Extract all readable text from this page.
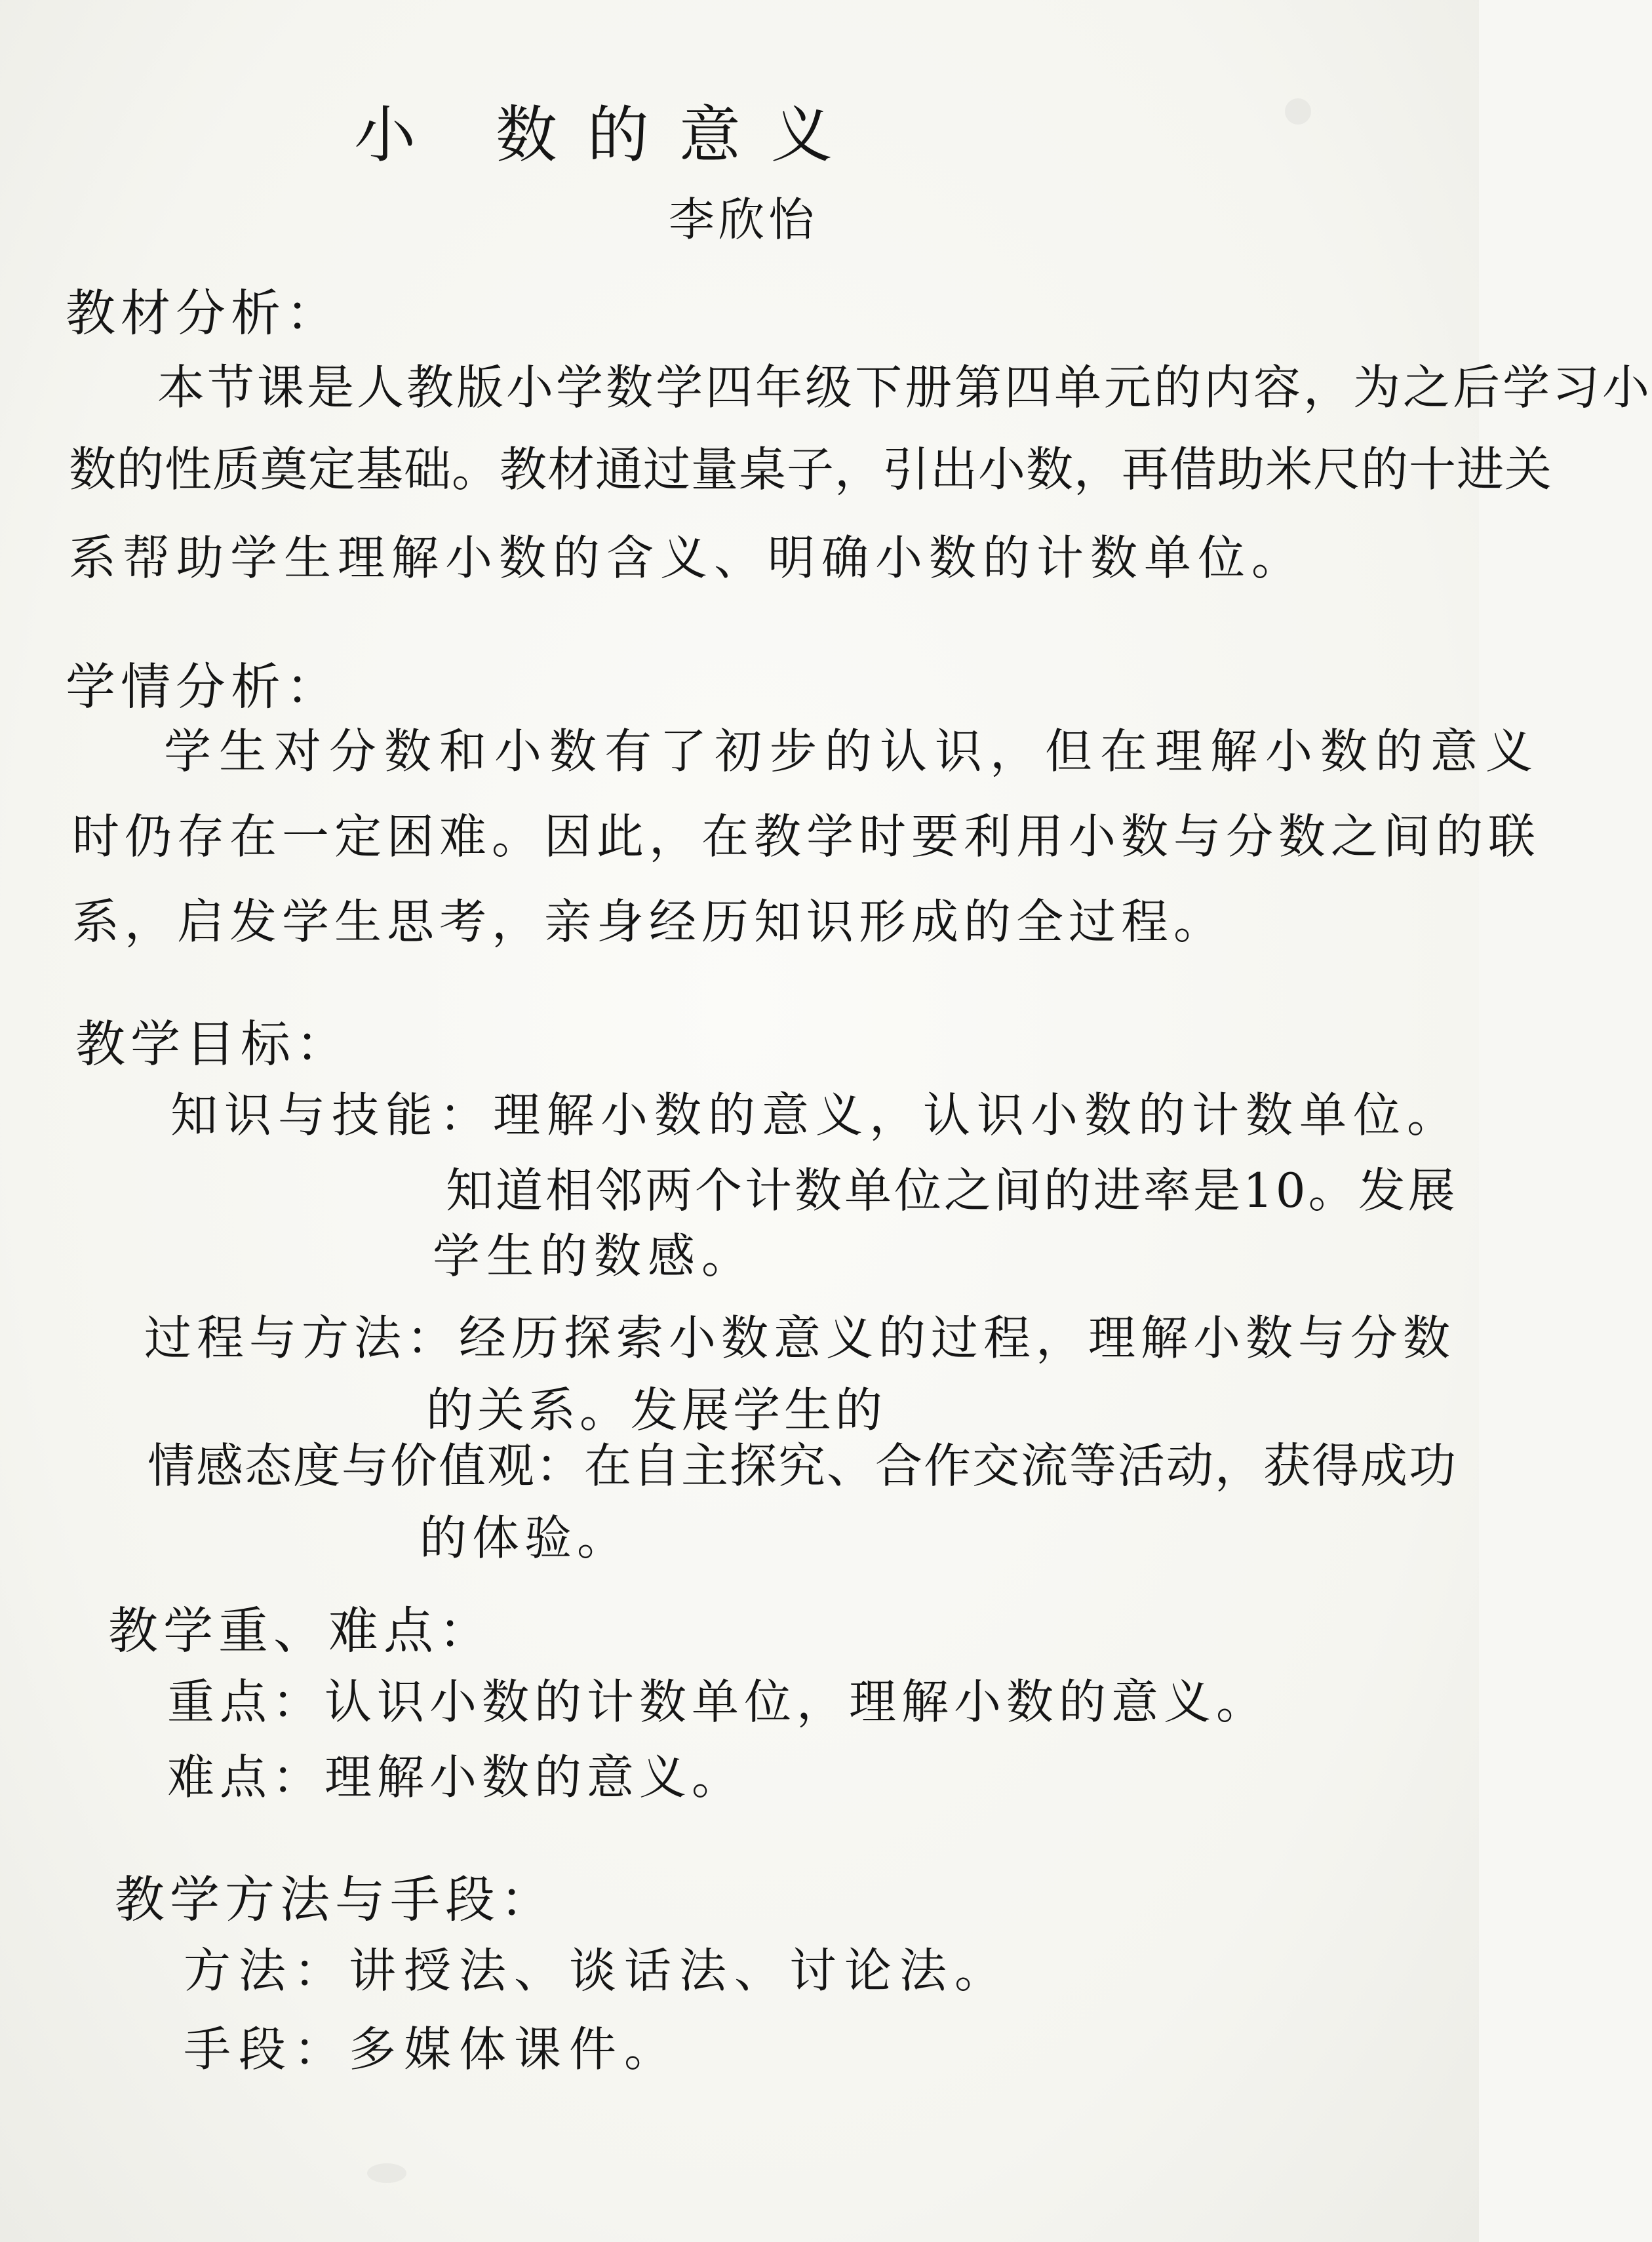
小 数的意义
李欣怡
教材分析：
本节课是人教版小学数学四年级下册第四单元的内容，为之后学习小
数的性质奠定基础。教材通过量桌子，引出小数，再借助米尺的十进关
系帮助学生理解小数的含义、明确小数的计数单位。
学情分析：
学生对分数和小数有了初步的认识，但在理解小数的意义
时仍存在一定困难。因此，在教学时要利用小数与分数之间的联
系，启发学生思考，亲身经历知识形成的全过程。
教学目标：
知识与技能：理解小数的意义，认识小数的计数单位。
知道相邻两个计数单位之间的进率是10。发展
学生的数感。
过程与方法：经历探索小数意义的过程，理解小数与分数
的关系。发展学生的
情感态度与价值观：在自主探究、合作交流等活动，获得成功
的体验。
教学重、难点：
重点：认识小数的计数单位，理解小数的意义。
难点：理解小数的意义。
教学方法与手段：
方法：讲授法、谈话法、讨论法。
手段：多媒体课件。
